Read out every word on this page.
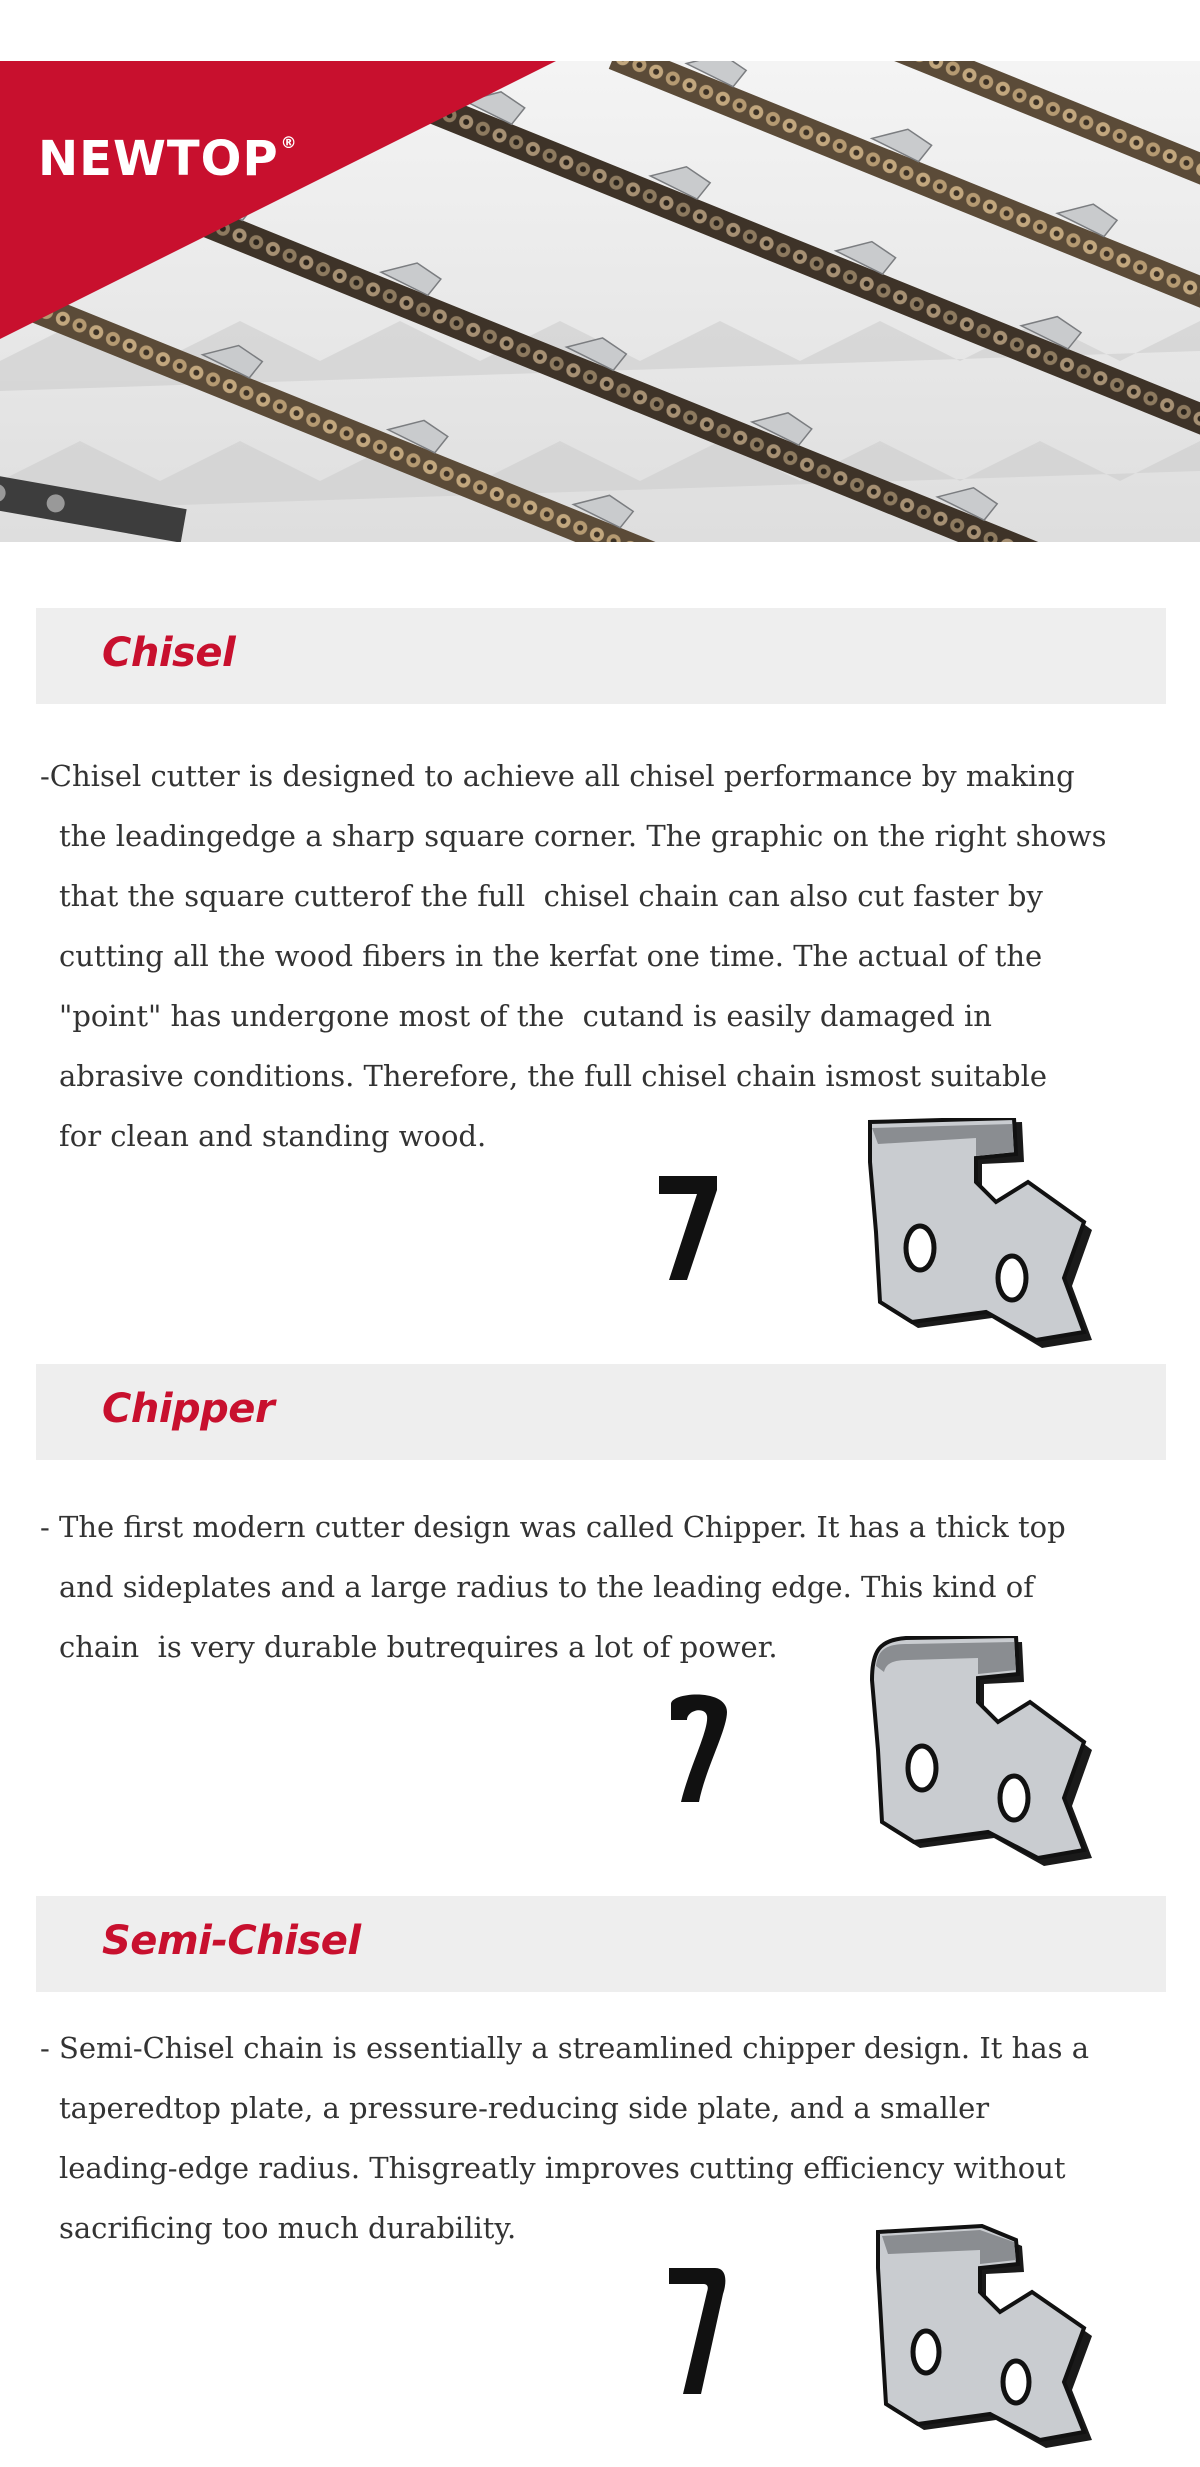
NEWTOP ®
Chisel
-Chisel cutter is designed to achieve all chisel performance by making
the leadingedge a sharp square corner. The graphic on the right shows
that the square cutterof the full  chisel chain can also cut faster by
cutting all the wood fibers in the kerfat one time. The actual of the
"point" has undergone most of the  cutand is easily damaged in
abrasive conditions. Therefore, the full chisel chain ismost suitable
for clean and standing wood.
Chipper
- The first modern cutter design was called Chipper. It has a thick top
and sideplates and a large radius to the leading edge. This kind of
chain  is very durable butrequires a lot of power.
Semi-Chisel
- Semi-Chisel chain is essentially a streamlined chipper design. It has a
taperedtop plate, a pressure-reducing side plate, and a smaller
leading-edge radius. Thisgreatly improves cutting efficiency without
sacrificing too much durability.
